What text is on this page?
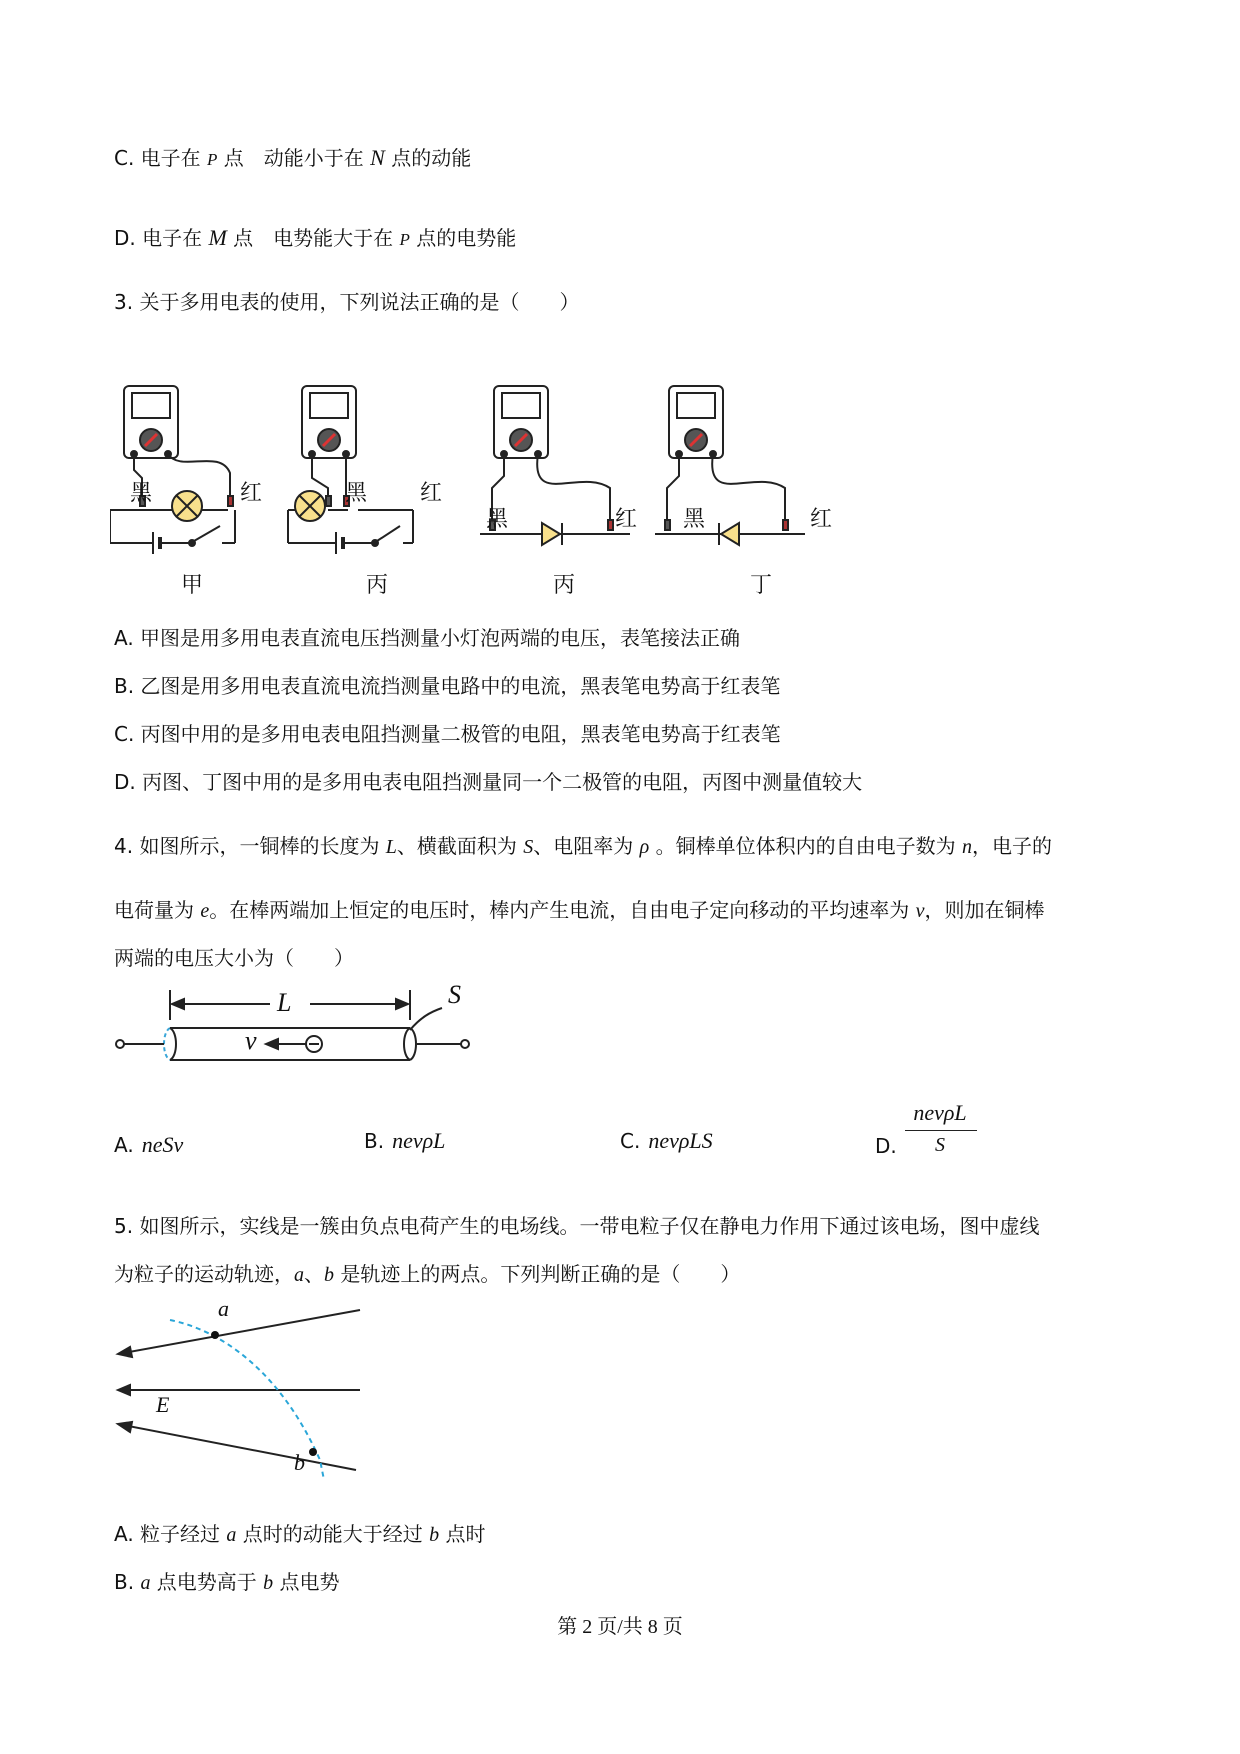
C. 电子在 P 点　动能小于在 N 点的动能
D. 电子在 M 点　电势能大于在 P 点的电势能
3. 关于多用电表的使用，下列说法正确的是（　　）
黑	红	黑 红
黑	红 黑	红
甲	丙	丙	丁
A. 甲图是用多用电表直流电压挡测量小灯泡两端的电压，表笔接法正确
B. 乙图是用多用电表直流电流挡测量电路中的电流，黑表笔电势高于红表笔
C. 丙图中用的是多用电表电阻挡测量二极管的电阻，黑表笔电势高于红表笔
D. 丙图、丁图中用的是多用电表电阻挡测量同一个二极管的电阻，丙图中测量值较大
4. 如图所示，一铜棒的长度为 L、横截面积为 S、电阻率为 ρ 。铜棒单位体积内的自由电子数为 n，电子的
电荷量为 e。在棒两端加上恒定的电压时，棒内产生电流，自由电子定向移动的平均速率为 v，则加在铜棒
两端的电压大小为（　　）
L	S
v
A. neSv	B. nevρL	C. nevρLS	D.
nevρL
S
5. 如图所示，实线是一簇由负点电荷产生的电场线。一带电粒子仅在静电力作用下通过该电场，图中虚线
为粒子的运动轨迹，a、b 是轨迹上的两点。下列判断正确的是（　　）
a
b
E
A. 粒子经过 a 点时的动能大于经过 b 点时
B. a 点电势高于 b 点电势
第 2 页/共 8 页
